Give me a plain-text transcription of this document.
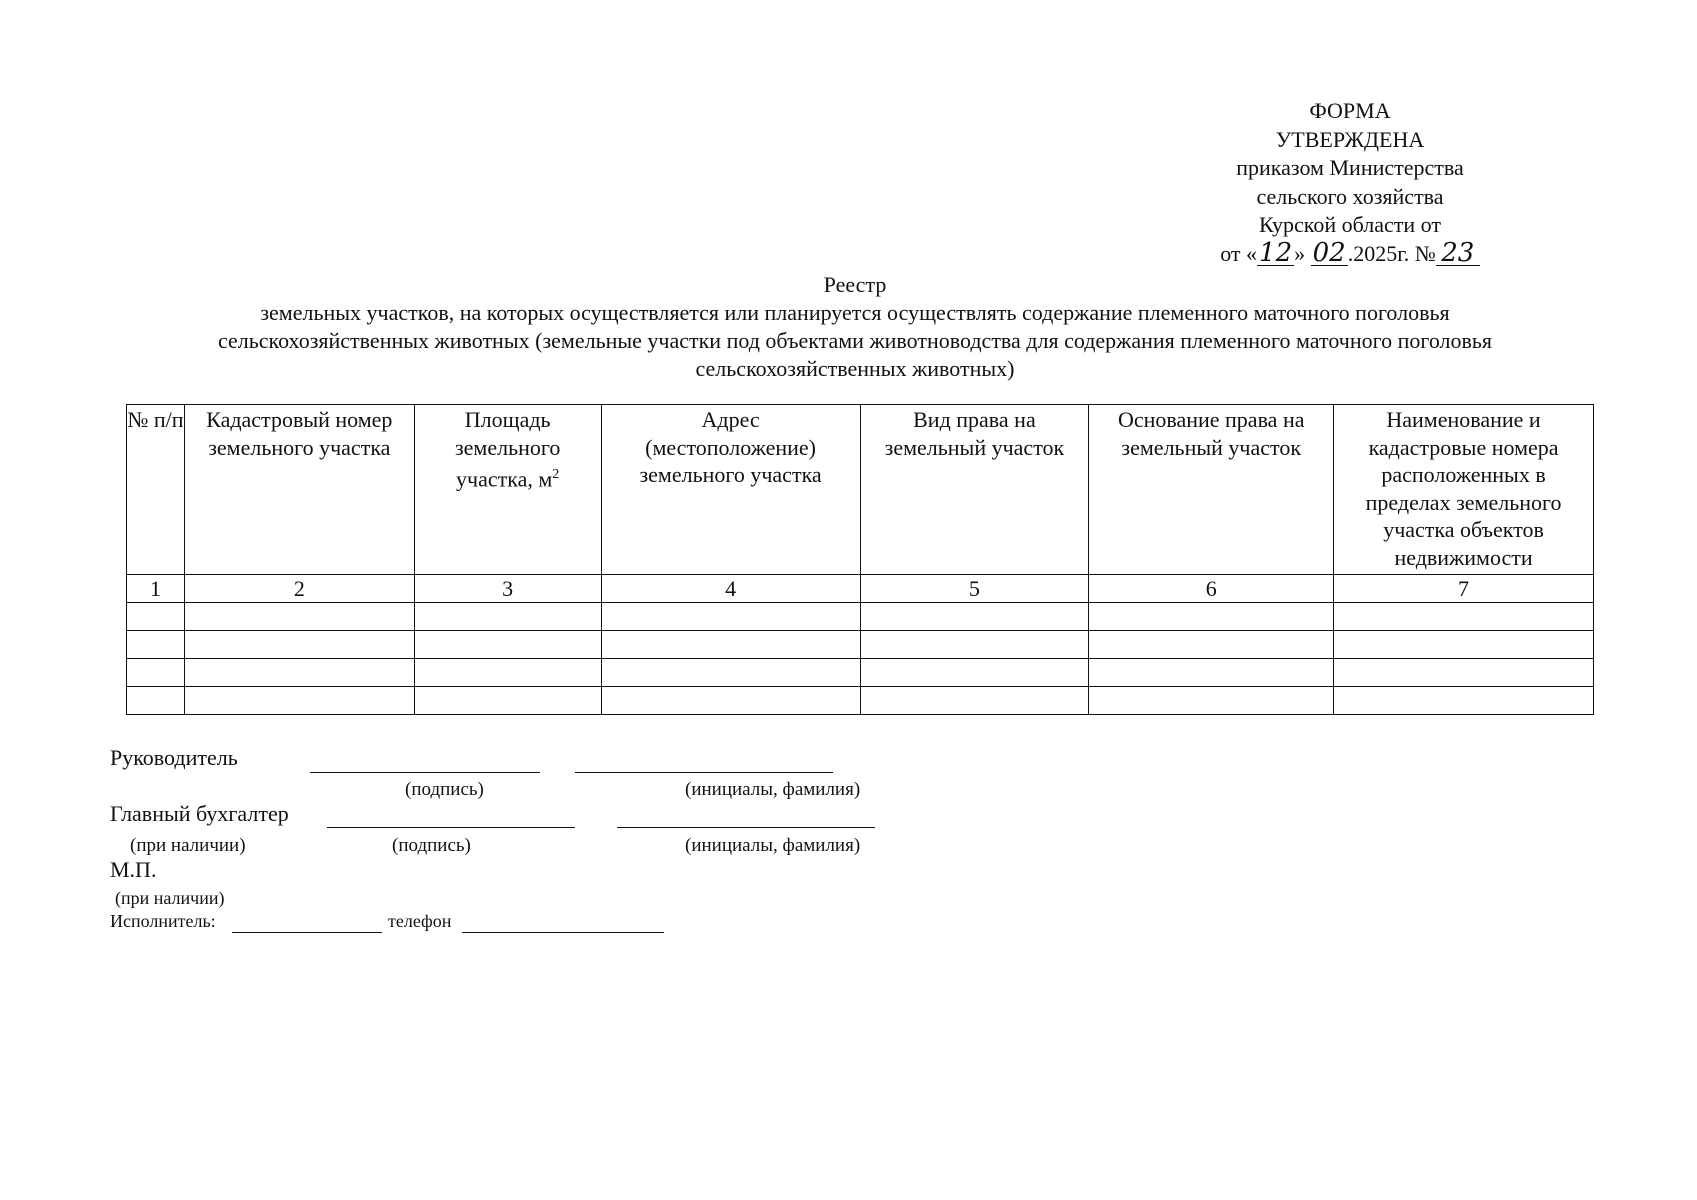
ФОРМА
УТВЕРЖДЕНА
приказом Министерства
сельского хозяйства
Курской области от
от «12» 02.2025г. № 23
Реестр
земельных участков, на которых осуществляется или планируется осуществлять содержание племенного маточного поголовья
сельскохозяйственных животных (земельные участки под объектами животноводства для содержания племенного маточного поголовья
сельскохозяйственных животных)
№ п/п	Кадастровый номер земельного участка	Площадь земельного участка, $м^2$	Адрес (местоположение) земельного участка	Вид права на земельный участок	Основание права на земельный участок	Наименование и кадастровые номера расположенных в пределах земельного участка объектов недвижимости
1	2	3	4	5	6	7

Руководитель
(подпись)	(инициалы, фамилия)
Главный бухгалтер
(при наличии)	(подпись)	(инициалы, фамилия)
М.П.
(при наличии)
Исполнитель:	телефон
